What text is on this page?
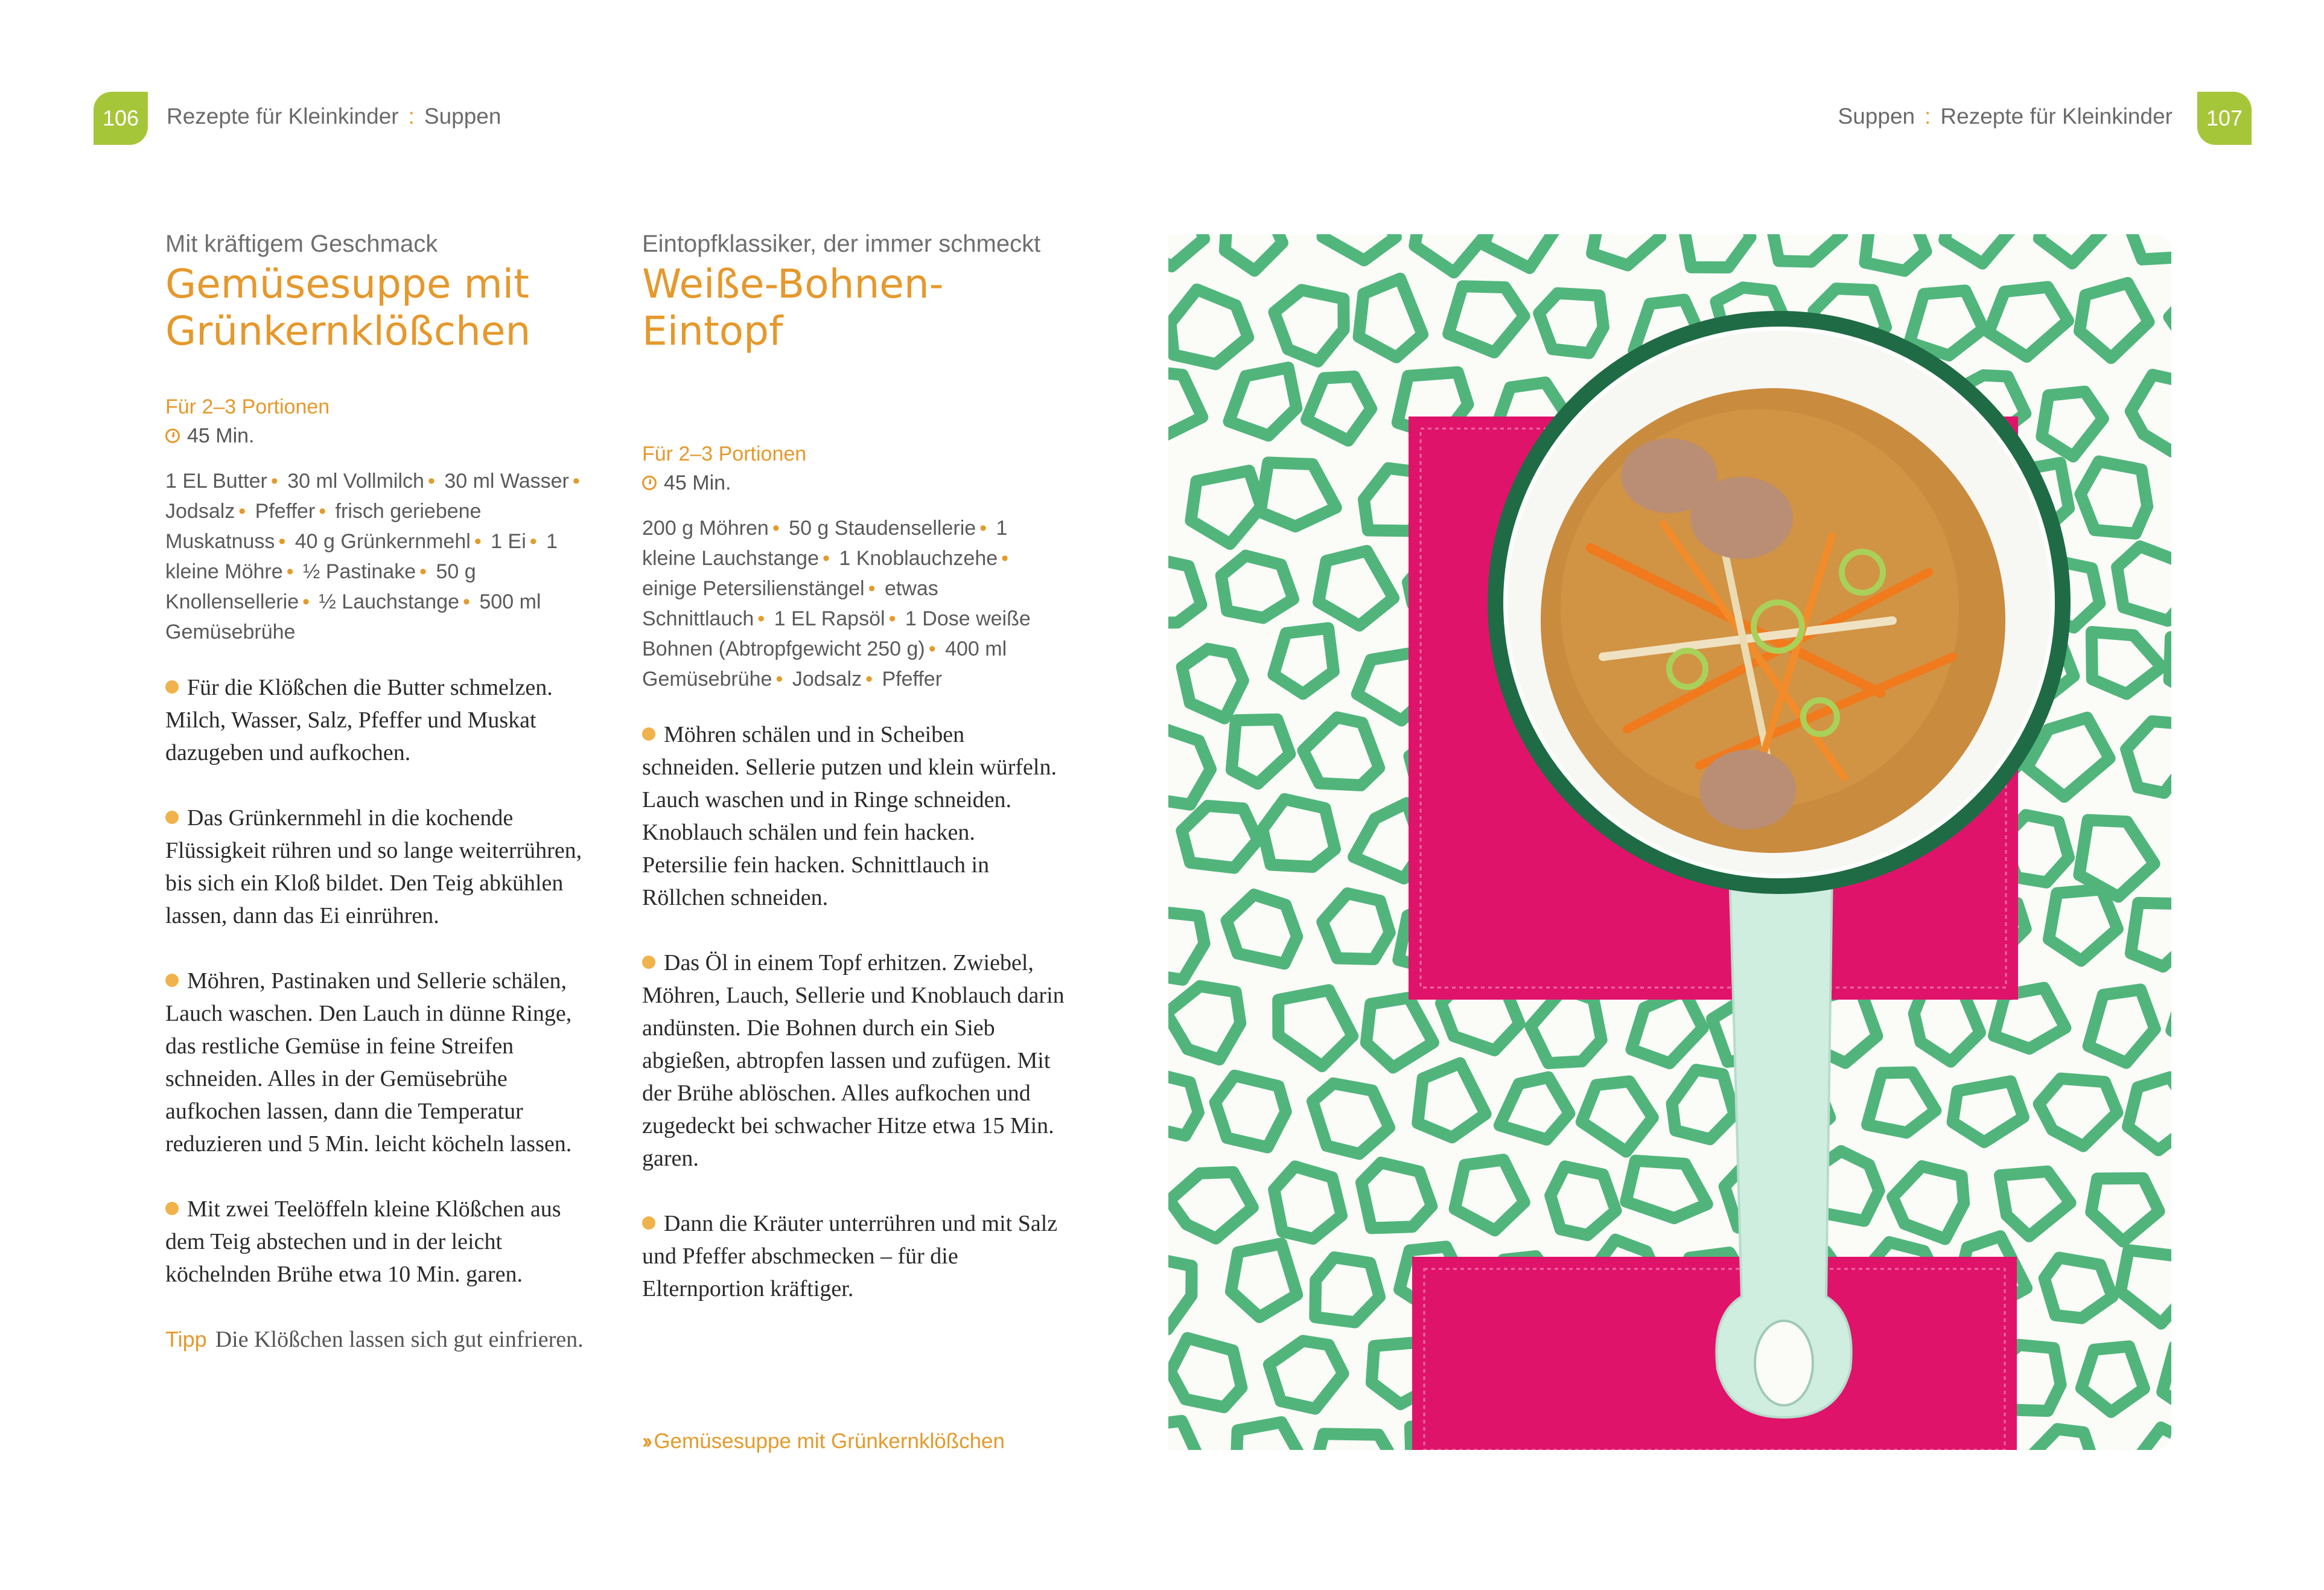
106	Rezepte für Kleinkinder : Suppen	Suppen : Rezepte für Kleinkinder	107
Mit kräftigem Geschmack
Gemüsesuppe mit
Grünkernklößchen
Für 2–3 Portionen
45 Min.
1 EL Butter • 30 ml Vollmilch • 30 ml Wasser • Jodsalz • Pfeffer • frisch geriebene Muskatnuss • 40 g Grünkernmehl • 1 Ei • 1 kleine Möhre • ½ Pastinake • 50 g Knollensellerie • ½ Lauchstange • 500 ml Gemüsebrühe
Für die Klößchen die Butter schmelzen. Milch, Wasser, Salz, Pfeffer und Muskat dazugeben und aufkochen.
Das Grünkernmehl in die kochende Flüssigkeit rühren und so lange weiterrühren, bis sich ein Kloß bildet. Den Teig abkühlen lassen, dann das Ei einrühren.
Möhren, Pastinaken und Sellerie schälen, Lauch waschen. Den Lauch in dünne Ringe, das restliche Gemüse in feine Streifen schneiden. Alles in der Gemüsebrühe aufkochen lassen, dann die Temperatur reduzieren und 5 Min. leicht köcheln lassen.
Mit zwei Teelöffeln kleine Klößchen aus dem Teig abstechen und in der leicht köchelnden Brühe etwa 10 Min. garen.
Tipp Die Klößchen lassen sich gut einfrieren.
Eintopfklassiker, der immer schmeckt
Weiße-Bohnen-Eintopf
Für 2–3 Portionen
45 Min.
200 g Möhren • 50 g Staudensellerie • 1 kleine Lauchstange • 1 Knoblauchzehe • einige Petersilienstängel • etwas Schnittlauch • 1 EL Rapsöl • 1 Dose weiße Bohnen (Abtropfgewicht 250 g) • 400 ml Gemüsebrühe • Jodsalz • Pfeffer
Möhren schälen und in Scheiben schneiden. Sellerie putzen und klein würfeln. Lauch waschen und in Ringe schneiden. Knoblauch schälen und fein hacken. Petersilie fein hacken. Schnittlauch in Röllchen schneiden.
Das Öl in einem Topf erhitzen. Zwiebel, Möhren, Lauch, Sellerie und Knoblauch darin andünsten. Die Bohnen durch ein Sieb abgießen, abtropfen lassen und zufügen. Mit der Brühe ablöschen. Alles aufkochen und zugedeckt bei schwacher Hitze etwa 15 Min. garen.
Dann die Kräuter unterrühren und mit Salz und Pfeffer abschmecken – für die Elternportion kräftiger.
›› Gemüsesuppe mit Grünkernklößchen
